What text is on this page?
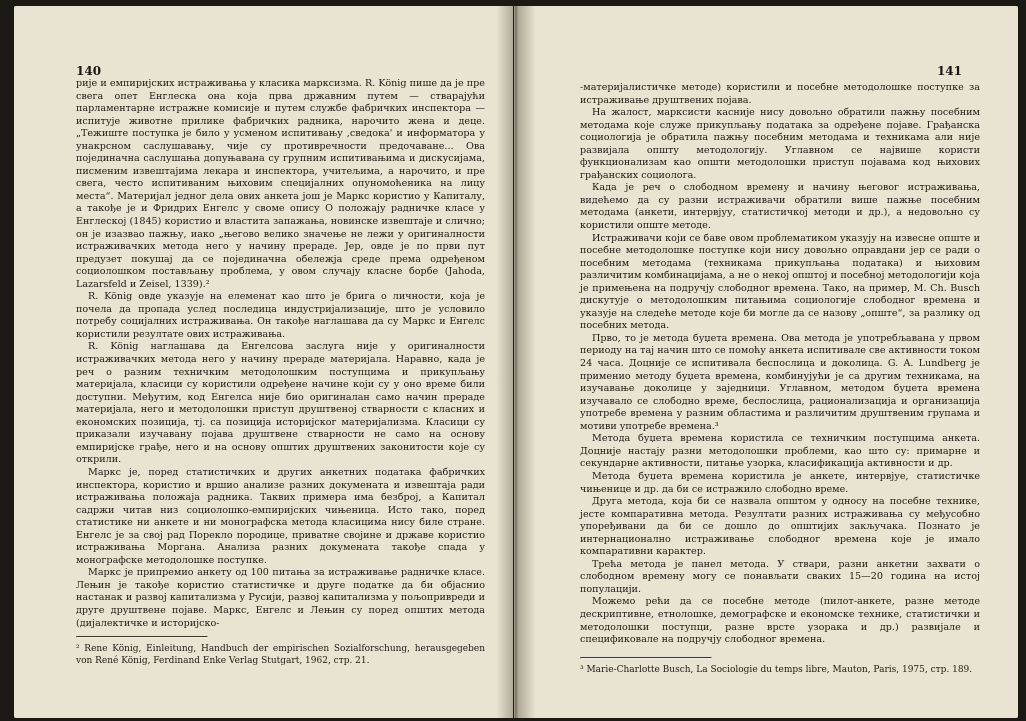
140

рије и емпиријских истраживања у класика марксизма. R. König пише да је пре свега опет Енглеска она која прва државним путем — стварајући парламентарне истражне комисије и путем службе фабричких инспектора — испитује животне прилике фабричких радника, нарочито жена и деце. „Тежиште поступка је било у усменом испитивању ,сведока' и информатора у унакрсном саслушавању, чије су противречности предочаване... Ова појединачна саслушања допуњавана су групним испитивањима и дискусијама, писменим извештајима лекара и инспектора, учитељима, а нарочито, и пре свега, често испитиваним њиховим специјалних опуномоћеника на лицу места“. Материјал једног дела ових анкета још је Маркс користио у Капиталу, а такође је и Фридрих Енгелс у своме опису О положају радничке класе у Енглеској (1845) користио и властита запажања, новинске извештаје и слично; он је изазвао пажњу, иако „његово велико значење не лежи у оригиналности истраживачких метода него у начину прераде. Јер, овде је по први пут предузет покушај да се појединачна обележја среде према одређеном социолошком постављању проблема, у овом случају класне борбе (Jahoda, Lazarsfeld и Zeisel, 1339).²

R. König овде указује на елеменат као што је брига о личности, која је почела да пропада услед последица индустријализације, што је условило потребу социјалних истраживања. Он такође наглашава да су Маркс и Енгелс користили резултате ових истраживања.

R. König наглашава да Енгелсова заслуга није у оригиналности истраживачких метода него у начину прераде материјала. Наравно, када је реч о разним техничким методолошким поступцима и прикупљању материјала, класици су користили одређене начине који су у оно време били доступни. Међутим, код Енгелса није био оригиналан само начин прераде материјала, него и методолошки приступ друштвеној стварности с класних и економских позиција, тј. са позиција историјског материјализма. Класици су приказали изучавану појава друштвене стварности не само на основу емпиријске грађе, него и на основу општих друштвених законитости које су открили.

Маркс је, поред статистичких и других анкетних података фабричких инспектора, користио и вршио анализе разних докумената и извештаја ради истраживања положаја радника. Таквих примера има безброј, а Капитал садржи читав низ социолошко-емпиријских чињеница. Исто тако, поред статистике ни анкете и ни монографска метода класицима нису биле стране. Енгелс је за свој рад Порекло породице, приватне својине и државе користио истраживања Моргана. Анализа разних докумената такође спада у монографске методолошке поступке.

Маркс је припремио анкету од 100 питања за истраживање радничке класе. Лењин је такође користио статистичке и друге податке да би објаснио настанак и развој капитализма у Русији, развој капитализма у пољопривреди и друге друштвене појаве. Маркс, Енгелс и Лењин су поред општих метода (дијалектичке и историјско-

² Rene König, Einleitung, Handbuch der empirischen Sozialforschung, herausgegeben von René König, Ferdinand Enke Verlag Stutgart, 1962, стр. 21.
141

-материјалистичке методе) користили и посебне методолошке поступке за истраживање друштвених појава.

На жалост, марксисти касније нису довољно обратили пажњу посебним методама које служе прикупљању података за одређене појаве. Грађанска социологија је обратила пажњу посебним методама и техникама али није развијала општу методологију. Углавном се највише користи функционализам као општи методолошки приступ појавама код њихових грађанских социолога.

Када је реч о слободном времену и начину његовог истраживања, видећемо да су разни истраживачи обратили више пажње посебним методама (анкети, интервјуу, статистичкој методи и др.), а недовољно су користили опште методе.

Истраживачи који се баве овом проблематиком указују на извесне опште и посебне методолошке поступке који нису довољно оправдани јер се ради о посебним методама (техникама прикупљања података) и њиховим различитим комбинацијама, а не о некој општој и посебној методологији која је примењена на подручју слободног времена. Тако, на пример, M. Ch. Busch дискутује о методолошким питањима социологије слободног времена и указује на следеће методе које би могле да се назову „опште“, за разлику од посебних метода.

Прво, то је метода буџета времена. Ова метода је употребљавана у првом периоду на тај начин што се помоћу анкета испитивале све активности током 24 часа. Доцније се испитивала беспослица и доколица. G. A. Lundberg је применио методу буџета времена, комбинујући је са другим техникама, на изучавање доколице у заједници. Углавном, методом буџета времена изучавало се слободно време, беспослица, рационализација и организација употребе времена у разним областима и различитим друштвеним групама и мотиви употребе времена.³

Метода буџета времена користила се техничким поступцима анкета. Доцније настају разни методолошки проблеми, као што су: примарне и секундарне активности, питање узорка, класификација активности и др.

Метода буџета времена користила је анкете, интервјуе, статистичке чињенице и др. да би се истражило слободно време.

Друга метода, која би се назвала општом у односу на посебне технике, јесте компаративна метода. Резултати разних истраживања су међусобно упоређивани да би се дошло до општијих закључака. Познато је интернационално истраживање слободног времена које је имало компаративни карактер.

Трећа метода је панел метода. У ствари, разни анкетни захвати о слободном времену могу се понављати сваких 15—20 година на истој популацији.

Можемо рећи да се посебне методе (пилот-анкете, разне методе дескриптивне, етнолошке, демографске и економске технике, статистички и методолошки поступци, разне врсте узорака и др.) развијале и спецификовале на подручју слободног времена.

³ Marie-Charlotte Busch, La Sociologie du temps libre, Mauton, Paris, 1975, стр. 189.
